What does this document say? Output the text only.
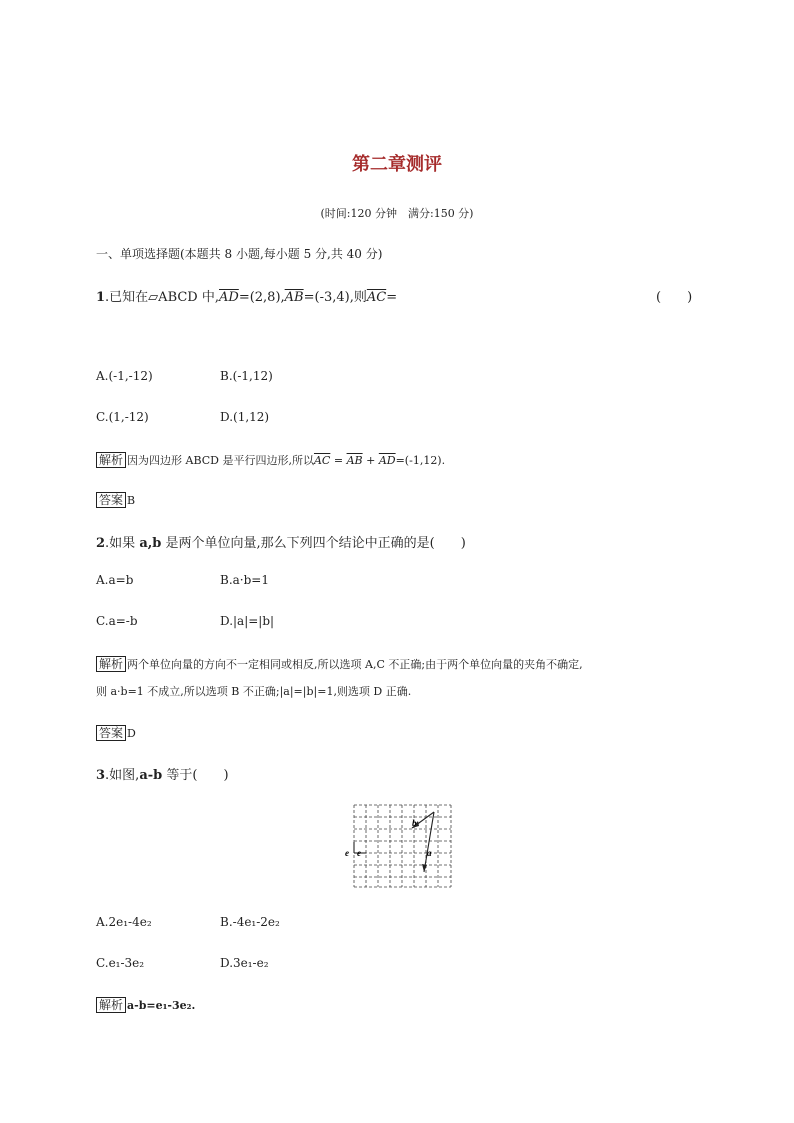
第二章测评
(时间:120 分钟　满分:150 分)
一、单项选择题(本题共 8 小题,每小题 5 分,共 40 分)
1.已知在▱ABCD 中$,\overline{AD}=(2,8),\overline{AB}=(-3,4)$,则$\overline{AC}=$	(　　)
A.(-1,-12)	B.(-1,12)
C.(1,-12)	D.(1,12)
解析 因为四边形 ABCD 是平行四边形,所以$\overline{AC} = \overline{AB} + \overline{AD}=(-1,12)$.
答案 B
2.如果 a,b 是两个单位向量,那么下列四个结论中正确的是(　　)
A.a=b	B.a·b=1
C.a=-b	D.|a|=|b|
解析 两个单位向量的方向不一定相同或相反,所以选项 A,C 不正确;由于两个单位向量的夹角不确定,
则 a·b=1 不成立,所以选项 B 不正确;|a|=|b|=1,则选项 D 正确.
答案 D
3.如图,a-b 等于(　　)
b
a
e e
A.2e₁-4e₂	B.-4e₁-2e₂
C.e₁-3e₂	D.3e₁-e₂
解析 a-b=e₁-3e₂.
